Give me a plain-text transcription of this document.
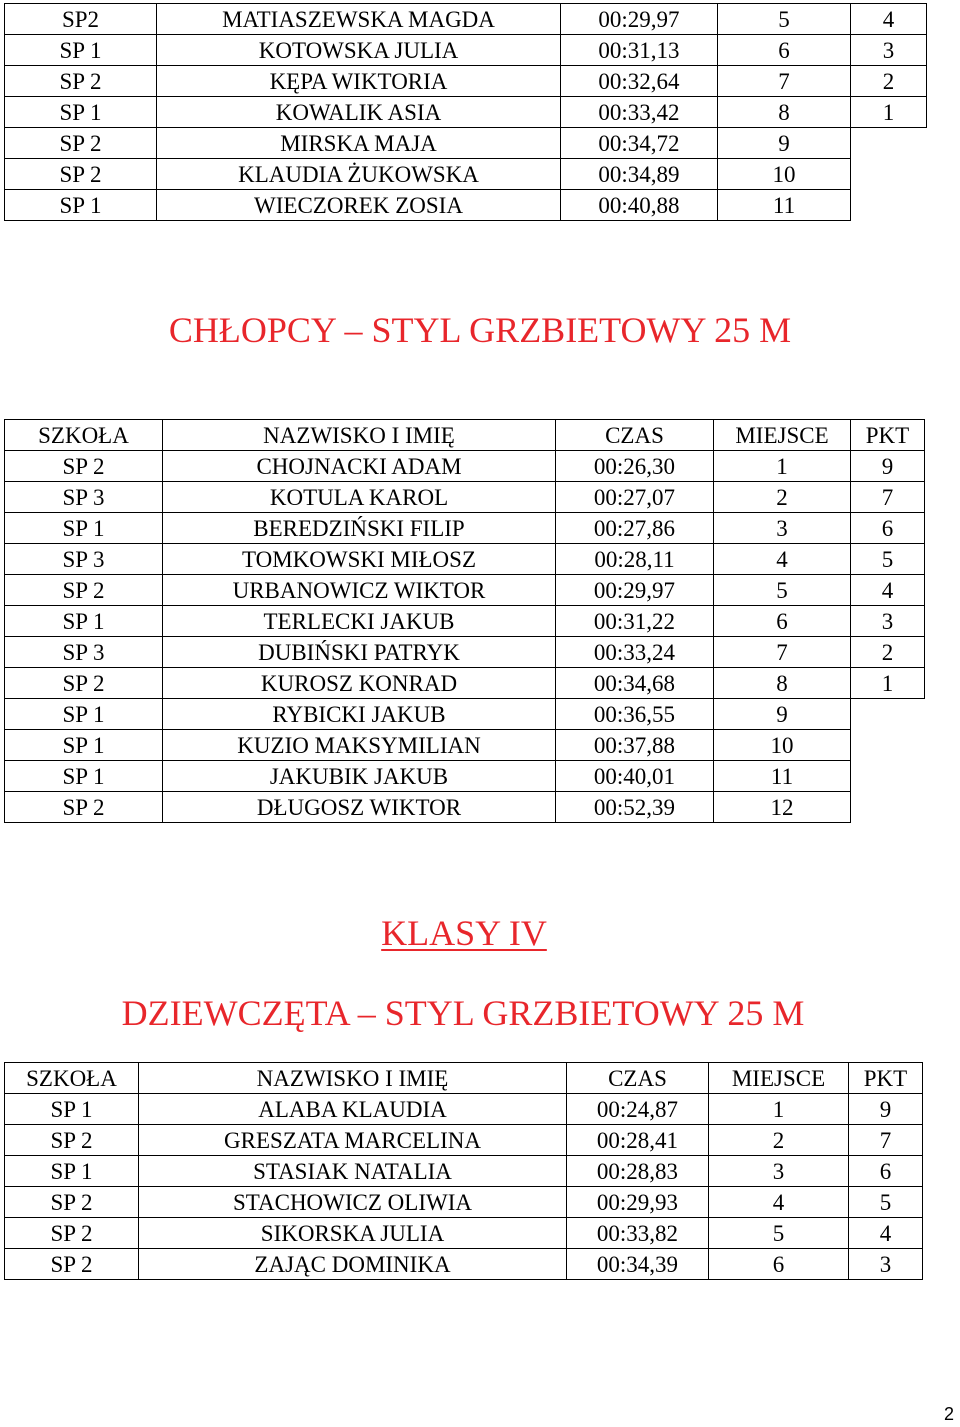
SP2	MATIASZEWSKA MAGDA	00:29,97	5	4
SP 1	KOTOWSKA JULIA	00:31,13	6	3
SP 2	KĘPA WIKTORIA	00:32,64	7	2
SP 1	KOWALIK ASIA	00:33,42	8	1
SP 2	MIRSKA MAJA	00:34,72	9	
SP 2	KLAUDIA ŻUKOWSKA	00:34,89	10	
SP 1	WIECZOREK ZOSIA	00:40,88	11	
CHŁOPCY – STYL GRZBIETOWY 25 M
SZKOŁA	NAZWISKO I IMIĘ	CZAS	MIEJSCE	PKT
SP 2	CHOJNACKI ADAM	00:26,30	1	9
SP 3	KOTULA KAROL	00:27,07	2	7
SP 1	BEREDZIŃSKI FILIP	00:27,86	3	6
SP 3	TOMKOWSKI MIŁOSZ	00:28,11	4	5
SP 2	URBANOWICZ WIKTOR	00:29,97	5	4
SP 1	TERLECKI JAKUB	00:31,22	6	3
SP 3	DUBIŃSKI PATRYK	00:33,24	7	2
SP 2	KUROSZ KONRAD	00:34,68	8	1
SP 1	RYBICKI JAKUB	00:36,55	9	
SP 1	KUZIO MAKSYMILIAN	00:37,88	10	
SP 1	JAKUBIK JAKUB	00:40,01	11	
SP 2	DŁUGOSZ WIKTOR	00:52,39	12	
KLASY IV
DZIEWCZĘTA – STYL GRZBIETOWY 25 M
SZKOŁA	NAZWISKO I IMIĘ	CZAS	MIEJSCE	PKT
SP 1	ALABA KLAUDIA	00:24,87	1	9
SP 2	GRESZATA MARCELINA	00:28,41	2	7
SP 1	STASIAK NATALIA	00:28,83	3	6
SP 2	STACHOWICZ OLIWIA	00:29,93	4	5
SP 2	SIKORSKA JULIA	00:33,82	5	4
SP 2	ZAJĄC DOMINIKA	00:34,39	6	3
2
